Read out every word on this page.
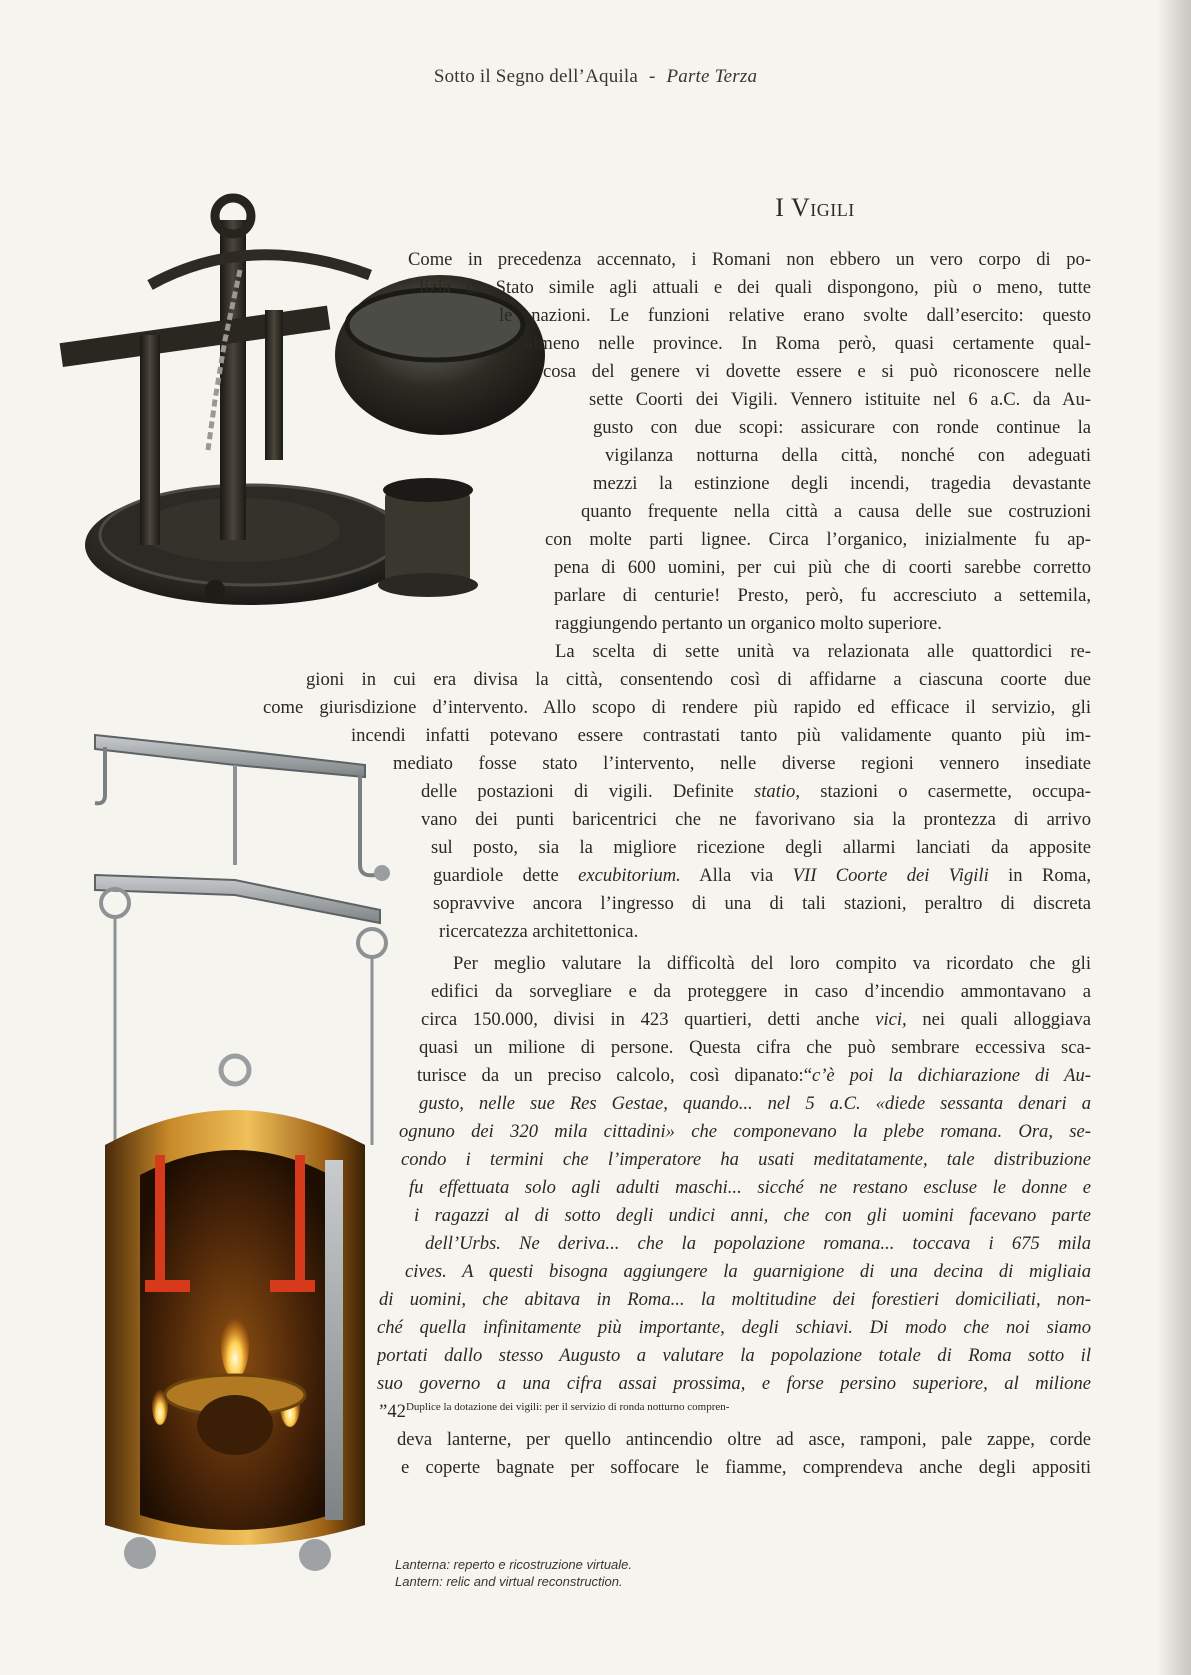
Sotto il Segno dell’Aquila - Parte Terza
I Vigili
Come in precedenza accennato, i Romani non ebbero un vero corpo di po-
lizia di Stato simile agli attuali e dei quali dispongono, più o meno, tutte
le nazioni. Le funzioni relative erano svolte dall’esercito: questo
almeno nelle province. In Roma però, quasi certamente qual-
cosa del genere vi dovette essere e si può riconoscere nelle
sette Coorti dei Vigili. Vennero istituite nel 6 a.C. da Au-
gusto con due scopi: assicurare con ronde continue la
vigilanza notturna della città, nonché con adeguati
mezzi la estinzione degli incendi, tragedia devastante
quanto frequente nella città a causa delle sue costruzioni
con molte parti lignee. Circa l’organico, inizialmente fu ap-
pena di 600 uomini, per cui più che di coorti sarebbe corretto
parlare di centurie! Presto, però, fu accresciuto a settemila,
raggiungendo pertanto un organico molto superiore.
La scelta di sette unità va relazionata alle quattordici re-
gioni in cui era divisa la città, consentendo così di affidarne a ciascuna coorte due
come giurisdizione d’intervento. Allo scopo di rendere più rapido ed efficace il servizio, gli
incendi infatti potevano essere contrastati tanto più validamente quanto più im-
mediato fosse stato l’intervento, nelle diverse regioni vennero insediate
delle postazioni di vigili. Definite statio, stazioni o casermette, occupa-
vano dei punti baricentrici che ne favorivano sia la prontezza di arrivo
sul posto, sia la migliore ricezione degli allarmi lanciati da apposite
guardiole dette excubitorium. Alla via VII Coorte dei Vigili in Roma,
sopravvive ancora l’ingresso di una di tali stazioni, peraltro di discreta
ricercatezza architettonica.
Per meglio valutare la difficoltà del loro compito va ricordato che gli
edifici da sorvegliare e da proteggere in caso d’incendio ammontavano a
circa 150.000, divisi in 423 quartieri, detti anche vici, nei quali alloggiava
quasi un milione di persone. Questa cifra che può sembrare eccessiva sca-
turisce da un preciso calcolo, così dipanato:“c’è poi la dichiarazione di Au-
gusto, nelle sue Res Gestae, quando... nel 5 a.C. «diede sessanta denari a
ognuno dei 320 mila cittadini» che componevano la plebe romana. Ora, se-
condo i termini che l’imperatore ha usati meditatamente, tale distribuzione
fu effettuata solo agli adulti maschi... sicché ne restano escluse le donne e
i ragazzi al di sotto degli undici anni, che con gli uomini facevano parte
dell’Urbs. Ne deriva... che la popolazione romana... toccava i 675 mila
cives. A questi bisogna aggiungere la guarnigione di una decina di migliaia
di uomini, che abitava in Roma... la moltitudine dei forestieri domiciliati, non-
ché quella infinitamente più importante, degli schiavi. Di modo che noi siamo
portati dallo stesso Augusto a valutare la popolazione totale di Roma sotto il
suo governo a una cifra assai prossima, e forse persino superiore, al milione
$”42^{Duplice la dotazione dei vigili: per il servizio di ronda notturno compren-}$
deva lanterne, per quello antincendio oltre ad asce, ramponi, pale zappe, corde
e coperte bagnate per soffocare le fiamme, comprendeva anche degli appositi
Lanterna: reperto e ricostruzione virtuale.
Lantern: relic and virtual reconstruction.
